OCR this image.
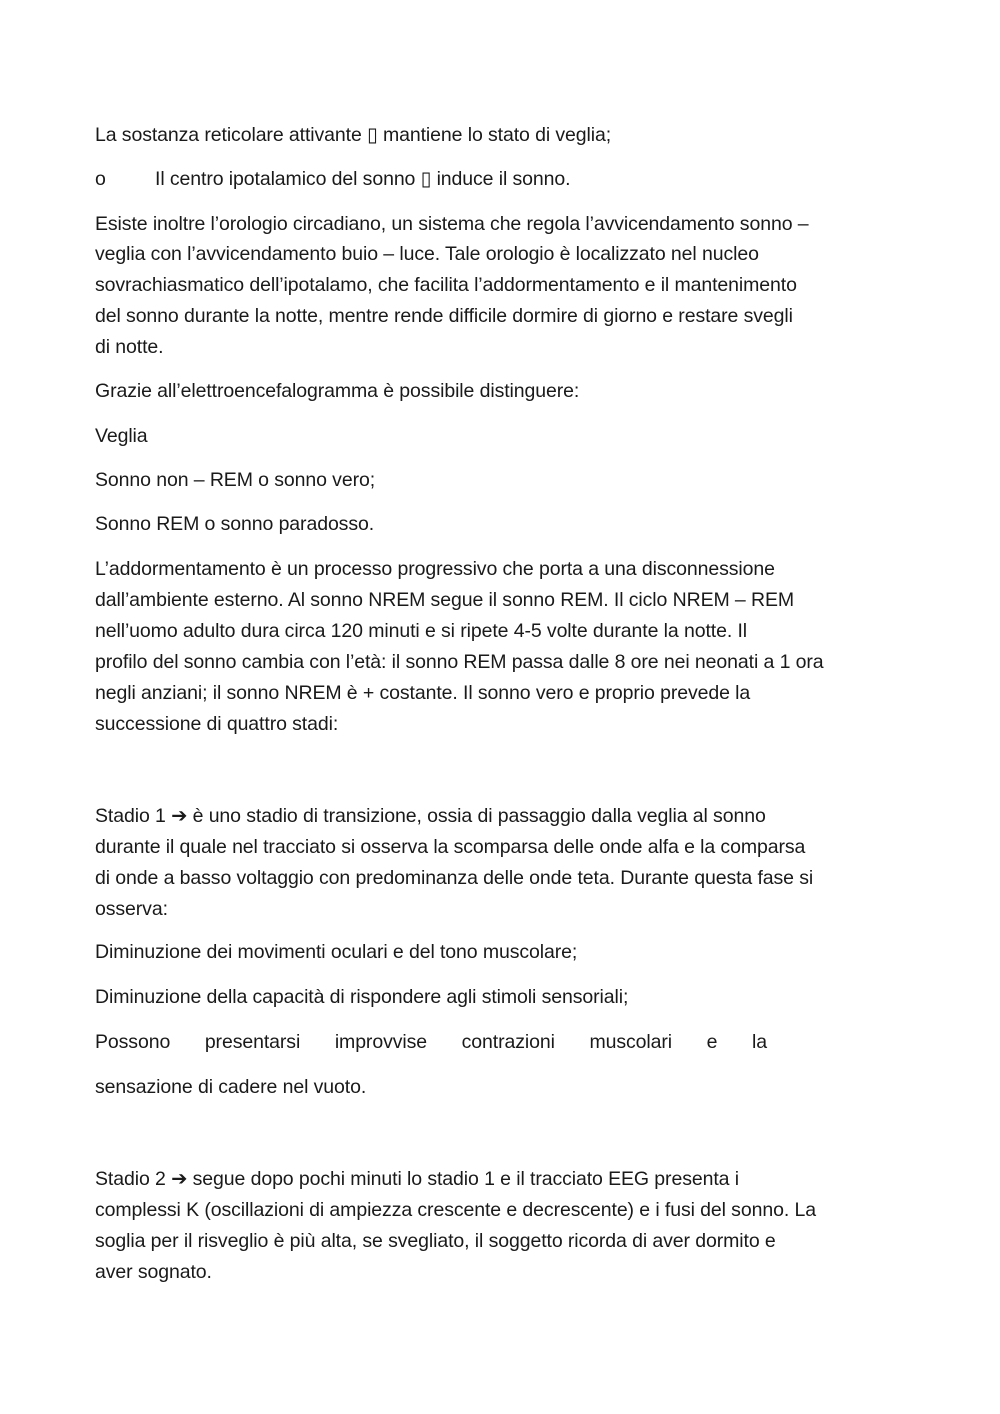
La sostanza reticolare attivante ▯ mantiene lo stato di veglia;
o	Il centro ipotalamico del sonno ▯ induce il sonno.
Esiste inoltre l’orologio circadiano, un sistema che regola l’avvicendamento sonno –
veglia con l’avvicendamento buio – luce. Tale orologio è localizzato nel nucleo
sovrachiasmatico dell’ipotalamo, che facilita l’addormentamento e il mantenimento
del sonno durante la notte, mentre rende difficile dormire di giorno e restare svegli
di notte.
Grazie all’elettroencefalogramma è possibile distinguere:
Veglia
Sonno non – REM o sonno vero;
Sonno REM o sonno paradosso.
L’addormentamento è un processo progressivo che porta a una disconnessione
dall’ambiente esterno. Al sonno NREM segue il sonno REM. Il ciclo NREM – REM
nell’uomo adulto dura circa 120 minuti e si ripete 4-5 volte durante la notte. Il
profilo del sonno cambia con l’età: il sonno REM passa dalle 8 ore nei neonati a 1 ora
negli anziani; il sonno NREM è + costante. Il sonno vero e proprio prevede la
successione di quattro stadi:
Stadio 1 ➔ è uno stadio di transizione, ossia di passaggio dalla veglia al sonno
durante il quale nel tracciato si osserva la scomparsa delle onde alfa e la comparsa
di onde a basso voltaggio con predominanza delle onde teta. Durante questa fase si
osserva:
Diminuzione dei movimenti oculari e del tono muscolare;
Diminuzione della capacità di rispondere agli stimoli sensoriali;
Possono presentarsi improvvise contrazioni muscolari e la
sensazione di cadere nel vuoto.
Stadio 2 ➔ segue dopo pochi minuti lo stadio 1 e il tracciato EEG presenta i
complessi K (oscillazioni di ampiezza crescente e decrescente) e i fusi del sonno. La
soglia per il risveglio è più alta, se svegliato, il soggetto ricorda di aver dormito e
aver sognato.
